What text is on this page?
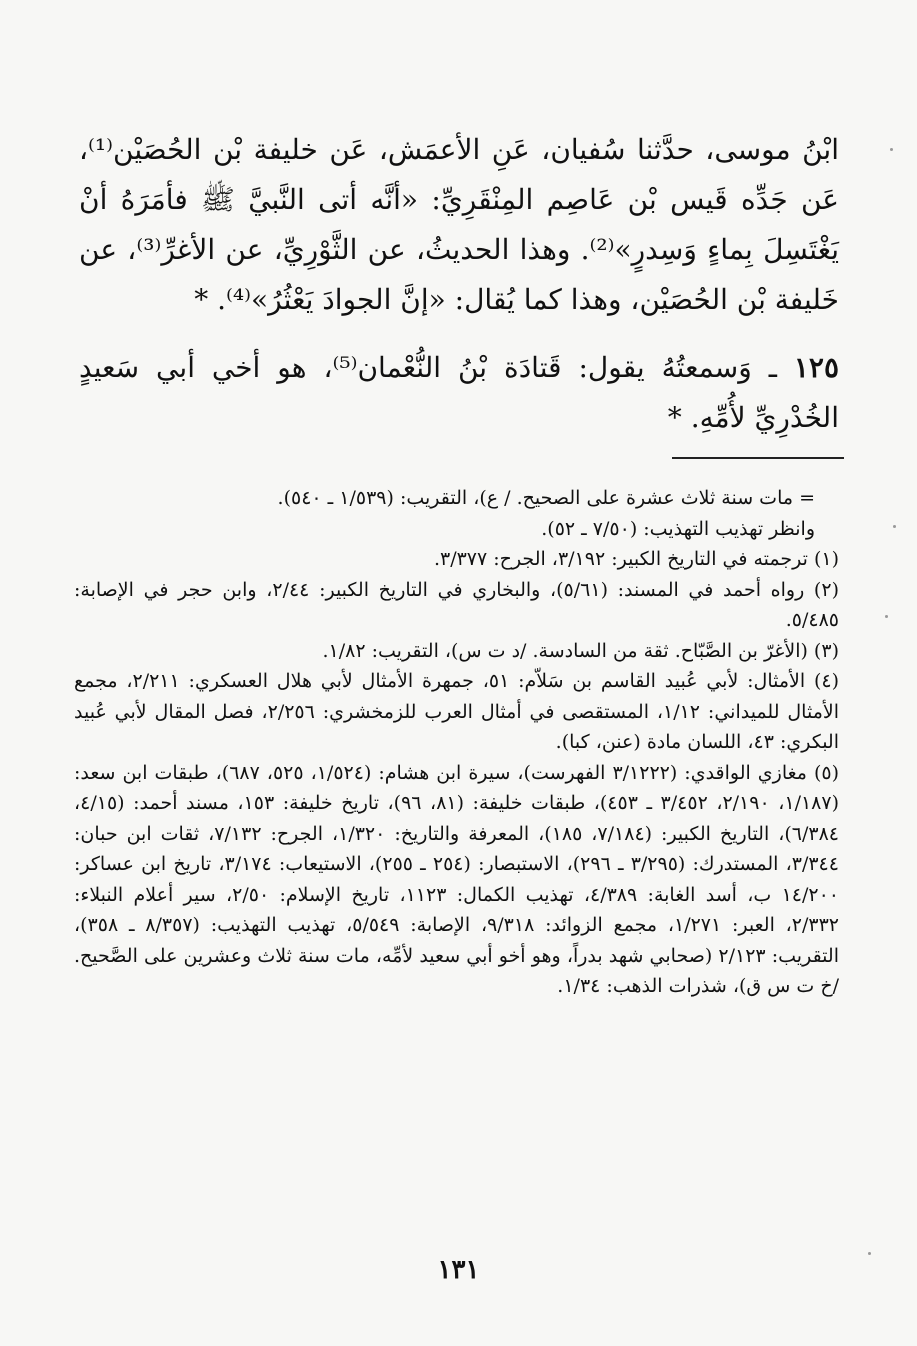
ابْنُ موسى، حدَّثنا سُفيان، عَنِ الأعمَش، عَن خليفة بْن الحُصَيْن⁽¹⁾، عَن جَدِّه قَيس بْن عَاصِم المِنْقَرِيِّ: «أنَّه أتى النَّبيَّ ﷺ فأمَرَهُ أنْ يَغْتَسِلَ بِماءٍ وَسِدرٍ»⁽²⁾. وهذا الحديثُ، عن الثَّوْرِيِّ، عن الأغرِّ⁽³⁾، عن خَليفة بْن الحُصَيْن، وهذا كما يُقال: «إنَّ الجوادَ يَعْثُرُ»⁽⁴⁾. *

١٢٥ ـ وَسمعتُهُ يقول: قَتادَة بْنُ النُّعْمان⁽⁵⁾، هو أخي أبي سَعيدٍ الخُدْرِيِّ لأُمِّهِ. *

= مات سنة ثلاث عشرة على الصحيح. / ع)، التقريب: (١/٥٣٩ ـ ٥٤٠).

وانظر تهذيب التهذيب: (٧/٥٠ ـ ٥٢).

(١) ترجمته في التاريخ الكبير: ٣/١٩٢، الجرح: ٣/٣٧٧.

(٢) رواه أحمد في المسند: (٥/٦١)، والبخاري في التاريخ الكبير: ٢/٤٤، وابن حجر في الإصابة: ٥/٤٨٥.

(٣) (الأغرّ بن الصَّبّاح. ثقة من السادسة. /د ت س)، التقريب: ١/٨٢.

(٤) الأمثال: لأبي عُبيد القاسم بن سَلاّم: ٥١، جمهرة الأمثال لأبي هلال العسكري: ٢/٢١١، مجمع الأمثال للميداني: ١/١٢، المستقصى في أمثال العرب للزمخشري: ٢/٢٥٦، فصل المقال لأبي عُبيد البكري: ٤٣، اللسان مادة (عنن، كبا).

(٥) مغازي الواقدي: (٣/١٢٢٢ الفهرست)، سيرة ابن هشام: (١/٥٢٤، ٥٢٥، ٦٨٧)، طبقات ابن سعد: (١/١٨٧، ٢/١٩٠، ٣/٤٥٢ ـ ٤٥٣)، طبقات خليفة: (٨١، ٩٦)، تاريخ خليفة: ١٥٣، مسند أحمد: (٤/١٥، ٦/٣٨٤)، التاريخ الكبير: (٧/١٨٤، ١٨٥)، المعرفة والتاريخ: ١/٣٢٠، الجرح: ٧/١٣٢، ثقات ابن حبان: ٣/٣٤٤، المستدرك: (٣/٢٩٥ ـ ٢٩٦)، الاستبصار: (٢٥٤ ـ ٢٥٥)، الاستيعاب: ٣/١٧٤، تاريخ ابن عساكر: ١٤/٢٠٠ ب، أسد الغابة: ٤/٣٨٩، تهذيب الكمال: ١١٢٣، تاريخ الإسلام: ٢/٥٠، سير أعلام النبلاء: ٢/٣٣٢، العبر: ١/٢٧١، مجمع الزوائد: ٩/٣١٨، الإصابة: ٥/٥٤٩، تهذيب التهذيب: (٨/٣٥٧ ـ ٣٥٨)، التقريب: ٢/١٢٣ (صحابي شهد بدراً، وهو أخو أبي سعيد لأمِّه، مات سنة ثلاث وعشرين على الصَّحيح. /خ ت س ق)، شذرات الذهب: ١/٣٤.

١٣١
